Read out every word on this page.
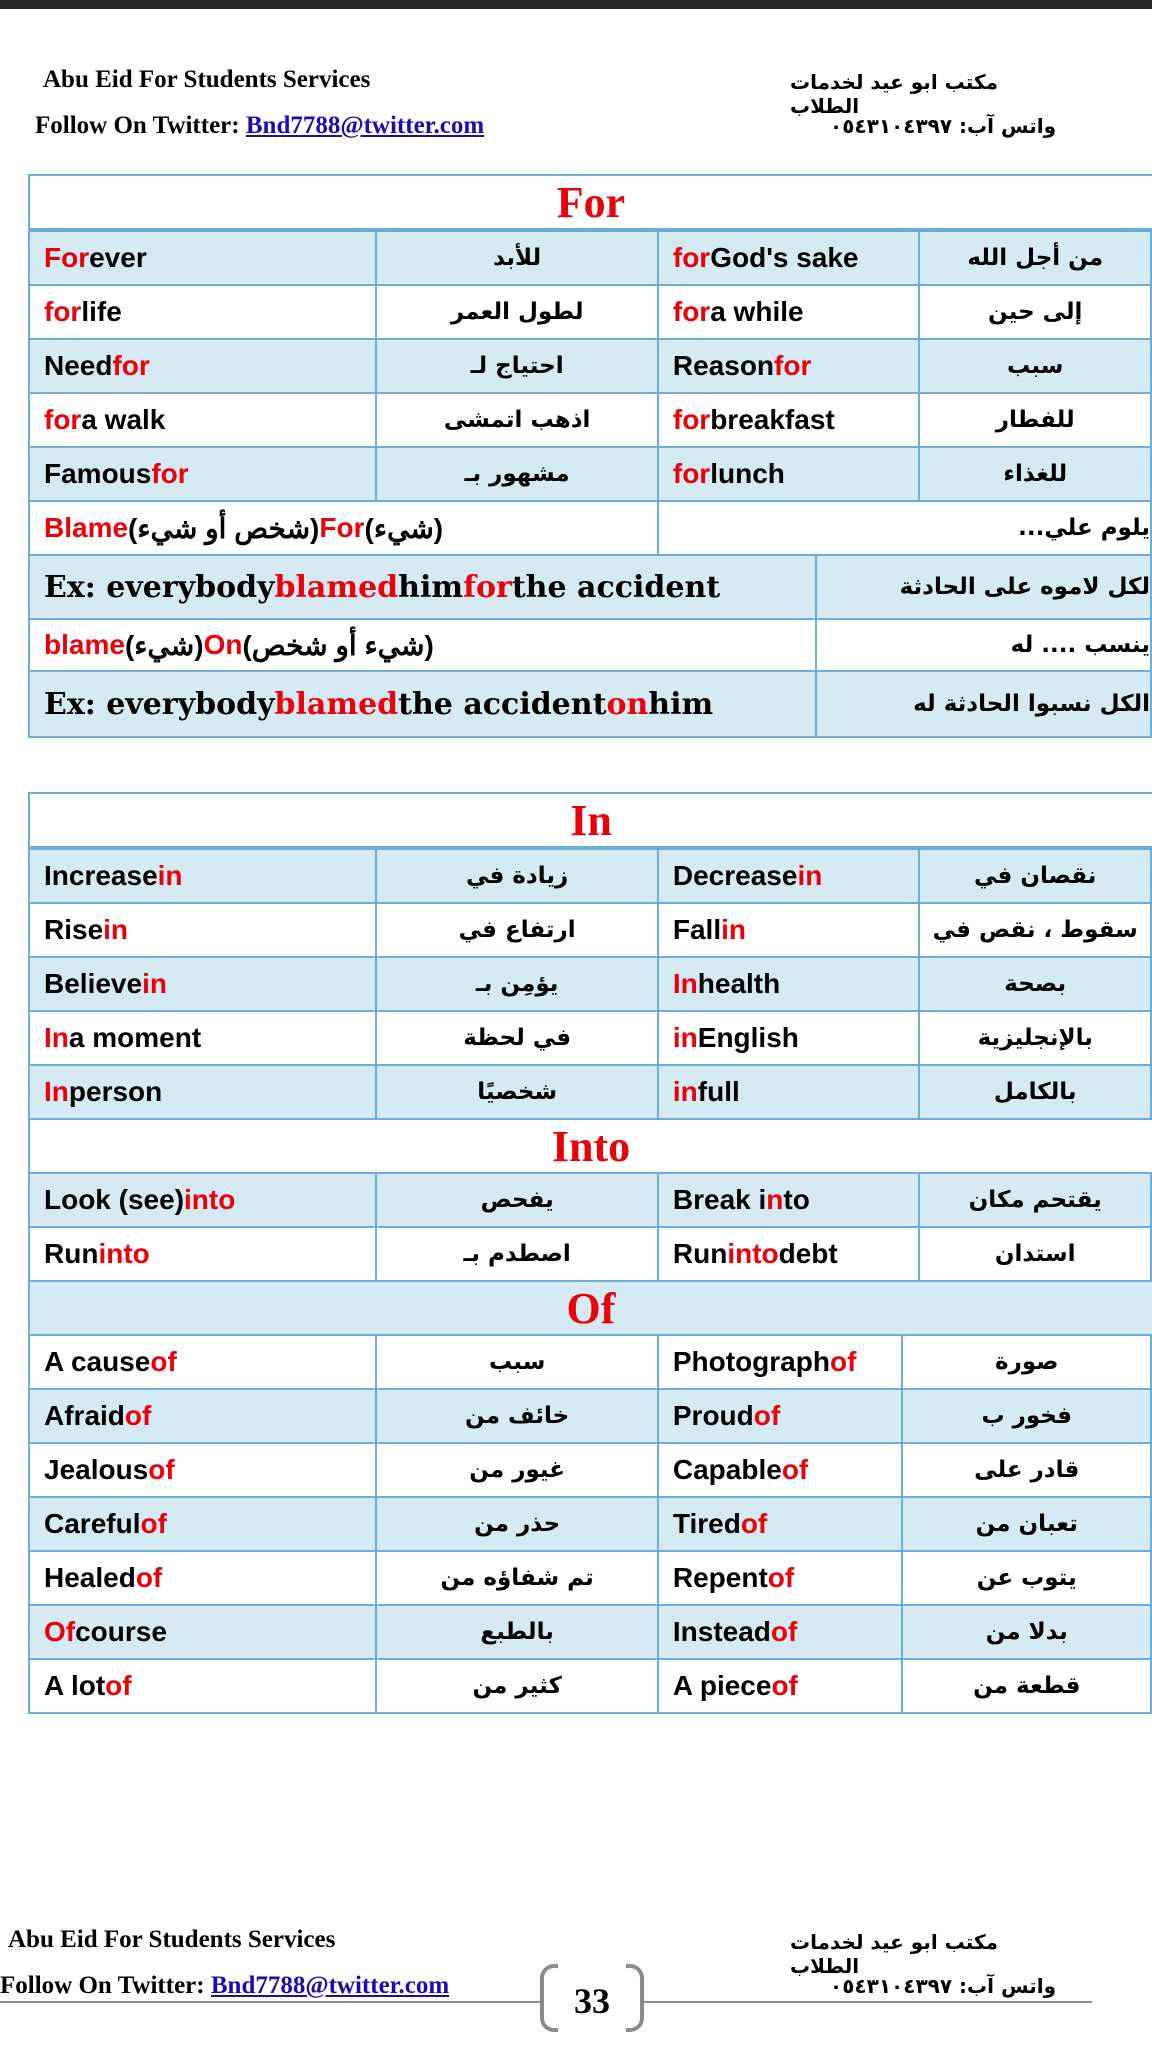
Abu Eid For Students Services
Follow On Twitter: Bnd7788@twitter.com
مكتب ابو عيد لخدمات الطلاب
واتس آب: ٠٥٤٣١٠٤٣٩٧
For
For ever	للأبد	for God's sake	من أجل الله
for life	لطول العمر	for a while	إلى حين
Need for	احتياج لـ	Reason for	سبب
for a walk	اذهب اتمشى	for breakfast	للفطار
Famous for	مشهور بـ	for lunch	للغذاء
Blame (شخص أو شيء) For (شيء)	يلوم علي...
Ex: everybody blamed him for the accident	لكل لاموه على الحادثة
blame (شيء) On (شيء أو شخص)	ينسب .... له
Ex: everybody blamed the accident on him	الكل نسبوا الحادثة له
In
Increase in	زيادة في	Decrease in	نقصان في
Rise in	ارتفاع في	Fall in	سقوط ، نقص في
Believe in	يؤمِن بـ	In health	بصحة
In a moment	في لحظة	in English	بالإنجليزية
In person	شخصيًا	in full	بالكامل
Into
Look (see) into	يفحص	Break i n to	يقتحم مكان
Run into	اصطدم بـ	Run into debt	استدان
Of
A cause of	سبب	Photograph of	صورة
Afraid of	خائف من	Proud of	فخور ب
Jealous of	غيور من	Capable of	قادر على
Careful of	حذر من	Tired of	تعبان من
Healed of	تم شفاؤه من	Repent of	يتوب عن
Of course	بالطبع	Instead of	بدلا من
A lot of	كثير من	A piece of	قطعة من
Abu Eid For Students Services
Follow On Twitter: Bnd7788@twitter.com
مكتب ابو عيد لخدمات الطلاب
واتس آب: ٠٥٤٣١٠٤٣٩٧
33
